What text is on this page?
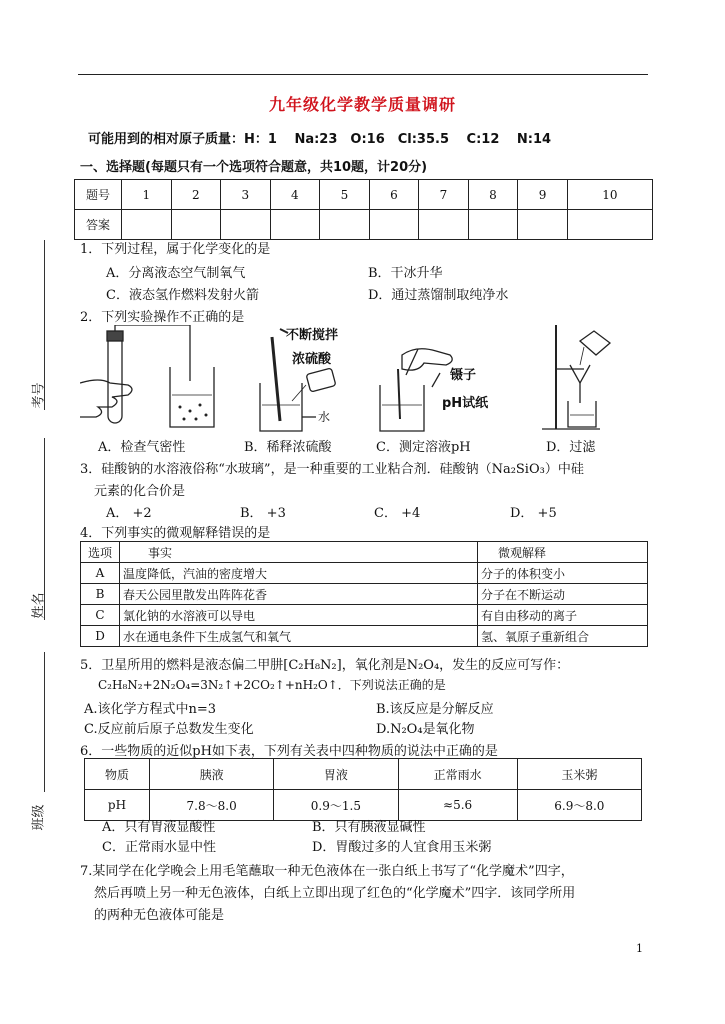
九年级化学教学质量调研
可能用到的相对原子质量：H：1　 Na:23　O:16　Cl:35.5　 C:12　 N:14
一、选择题(每题只有一个选项符合题意，共10题，计20分)
题号	1	2	3	4	5	6	7	8	9	10
答案										
考号
姓名
班级
1．下列过程，属于化学变化的是
A．分离液态空气制氧气	B．干冰升华
C．液态氢作燃料发射火箭	D．通过蒸馏制取纯净水
2．下列实验操作不正确的是
不断搅拌
浓硫酸
水
镊子
pH试纸
A．检查气密性	B．稀释浓硫酸	C．测定溶液pH	D．过滤
3．硅酸钠的水溶液俗称“水玻璃”，是一种重要的工业粘合剂．硅酸钠（Na₂SiO₃）中硅
元素的化合价是
A． +2	B． +3	C． +4	D． +5
4．下列事实的微观解释错误的是
选项	事实	微观解释
A	温度降低，汽油的密度增大	分子的体积变小
B	春天公园里散发出阵阵花香	分子在不断运动
C	氯化钠的水溶液可以导电	有自由移动的离子
D	水在通电条件下生成氢气和氧气	氢、氧原子重新组合
5．卫星所用的燃料是液态偏二甲肼[C₂H₈N₂]，氧化剂是N₂O₄，发生的反应可写作：
C₂H₈N₂+2N₂O₄=3N₂↑+2CO₂↑+nH₂O↑．下列说法正确的是
A.该化学方程式中n=3	B.该反应是分解反应
C.反应前后原子总数发生变化	D.N₂O₄是氧化物
6．一些物质的近似pH如下表，下列有关表中四种物质的说法中正确的是
物质	胰液	胃液	正常雨水	玉米粥
pH	7.8～8.0	0.9～1.5	≈5.6	6.9～8.0
A．只有胃液显酸性	B．只有胰液显碱性
C．正常雨水显中性	D．胃酸过多的人宜食用玉米粥
7.某同学在化学晚会上用毛笔蘸取一种无色液体在一张白纸上书写了“化学魔术”四字，
然后再喷上另一种无色液体，白纸上立即出现了红色的“化学魔术”四字．该同学所用
的两种无色液体可能是
1
